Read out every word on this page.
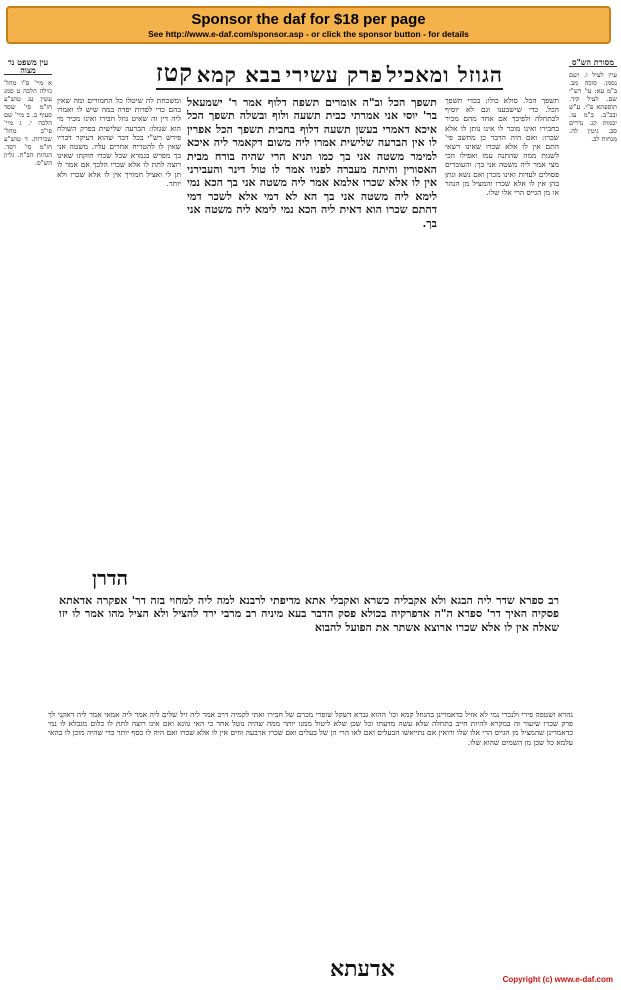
Sponsor the daf for $18 per page
See http://www.e-daf.com/sponsor.asp - or click the sponsor button - for details
הגוזל ומאכיל
פרק עשירי
בבא קמא
קטז	מסורת הש"ס

עיין לעיל ו. ושם נסמן. סוכה מב. ב"מ עא: עי' רש"י שם. לעיל קיד. תוספתא פ"י. ע"ש ובב"ב. ב"מ עז. יבמות קג. נדרים סב. גיטין לה. מנחות לב.

תשפך הכל. סולא כולו: בכדי תשפך הכל. כדי שישבענו וגם לא יוסיף לכתחלה ולפיכך אם אחד מהם מכיר בחבירו ואינו מוכר לו אינו נותן לו אלא שכרו: ואם היה הדבר כן מחשב פי' התם אין לו אלא שכרו שאינו רשאי לשנות ממה שהתנה עמו ואפילו הכי מצי אמר ליה משטה אני בך: והעוברים פסולים לעדות ואינו מכרן ואם נשא ונתן בהן אין לו אלא שכרו והמציל מן הנהר או מן הגייס הרי אלו שלו.

תשפך הכל וב"ה אומרים תשפה דלוף אמר ר' ישמעאל בר' יוסי אני אמרתי כבית תשעה ולוף ובשלה תשפך הכל איכא דאמרי בעשן תשעה דלוף בחבית תשפך הכל אפרין לו אין הברעה שלישית אמרו ליה משום דקאמר ליה איכא למימר משטה אני בך כמו תניא הרי שהיה בורח מבית האסורין והיתה מעברה לפניו אמר לו טול דינר והעבירני אין לו אלא שכרו אלמא אמר ליה משטה אני בך הכא נמי לימא ליה משטה אני בך הא לא דמי אלא לשכר דמי דהתם שכרו הוא דאית ליה הכא נמי לימא ליה משטה אני בך.

ומשכחת לה שיטלו כל החמורים ומה שאין בהם כדי לפדות יפדה במה שיש לו ואמרו ליה דין זה שאיט גוזל חבירו ואינו מכיר מי הוא שגזלו: הברעה שלישית בפרק השולח פירש רש"י בכל דבר שהוא דעיקר דבריו שאין לו להטריח אחרים עליו. משטה אני בך מפרש בגמרא שכל שכרו חזקתו שאינו רוצה לתת לו אלא שכרו הלכך אם אמר לו תן לי ואציל חמורך אין לו אלא שכרו ולא יותר.

עין משפט נר מצוה

א מיי' פ"ו מהל' גזילה הלכה ט סמג עשין עג טוש"ע חו"מ סי' שסד סעיף ב. ב מיי' שם הלכה י. ג מיי' פי"ב מהל' שכירות. ד טוש"ע חו"מ סי' רסד. הגהות הב"ח. גליון הש"ס.

הדרן

רב ספרא שדר ליה הבגא ולא אקבליה כשרא ואקבלי אתא מדיפתי לרבנא למה ליה למחוי בזה דר' אפקרה אדאתא פסקיה האיך דר' ספרא ה"ה אדפרקיה בכולא פסק הדבר בעא מיניה רב מרבי ירד להציל ולא הציל מהו אמר לו יזו שאלה אין לו אלא שכרו ארוצא אשתר את הפועל להבוא

נהרא ושטפה פירי ולנכרי נמי לא אזיל כדאמרינן בהגוזל קמא וכו' ההוא גברא דשקל שופרי מכרם של חבירו ואתי לקמיה דרב אמר ליה זיל שלים ליה אמר ליה אמאי אמר ליה דאקני לך פרק שכרו שיעור זה במקרא להיות חייב בתחלה שלא עשה מדעתו וכל שכן שלא ליטול ממנו יותר ממה שהיה נוטל אחר כי האי גוונא ואם אינו רוצה לתת לו כלום מגבלא לו נמי כדאמרינן שהמציל מן הגייס הרי אלו שלו ורואין אם נתייאשו הבעלים ואם לאו הרי הן של בעלים ואם שכרו ארבעה זוזים אין לו אלא שכרו ואם היה לו כסף יותר כדי שהיה מוכן לו בהאי עלמא כל שכן מן השמים שהוא שלו.

אדעתא	Copyright (c) www.e-daf.com
